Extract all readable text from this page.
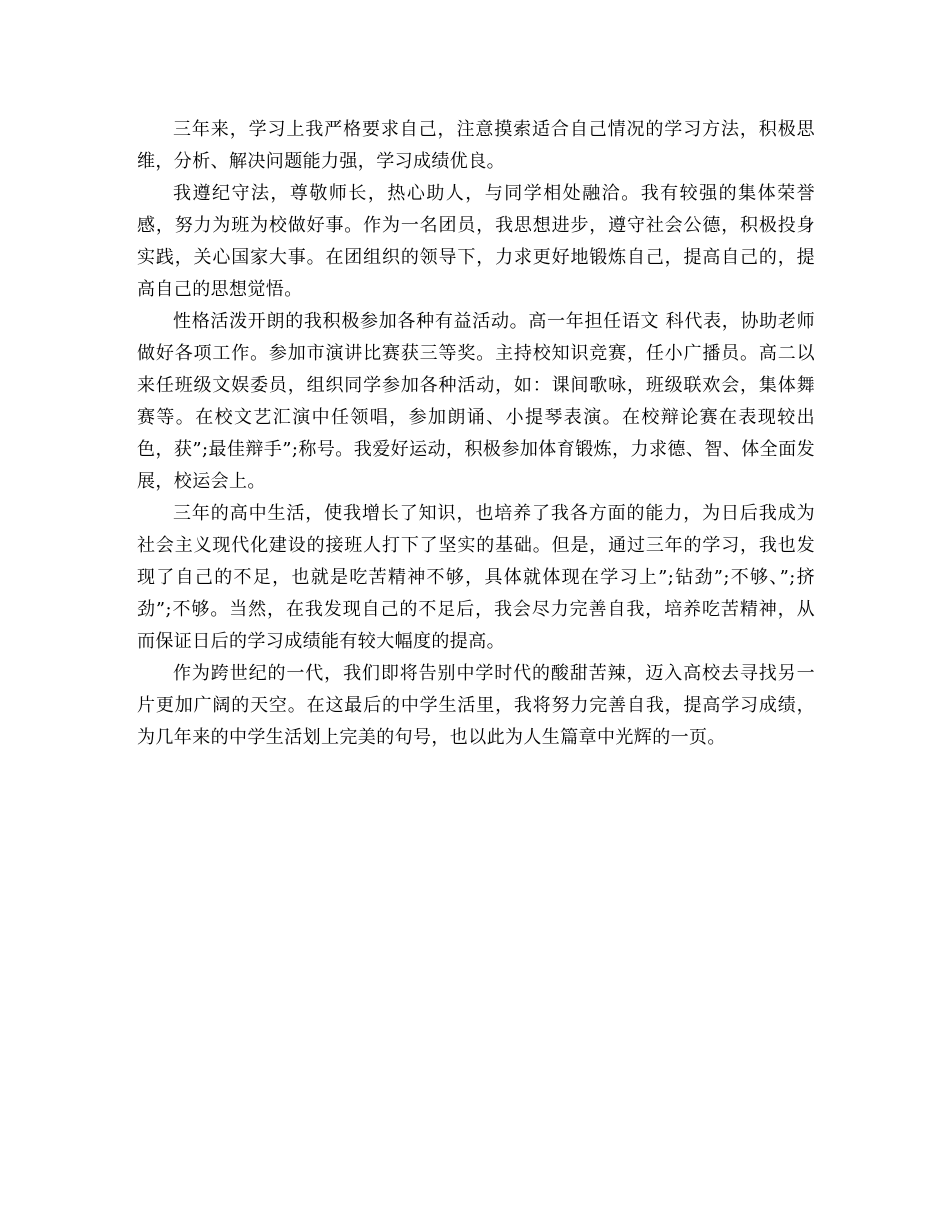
三年来，学习上我严格要求自己，注意摸索适合自己情况的学习方法，积极思维，分析、解决问题能力强，学习成绩优良。

我遵纪守法，尊敬师长，热心助人，与同学相处融洽。我有较强的集体荣誉感，努力为班为校做好事。作为一名团员，我思想进步，遵守社会公德，积极投身实践，关心国家大事。在团组织的领导下，力求更好地锻炼自己，提高自己的，提高自己的思想觉悟。

性格活泼开朗的我积极参加各种有益活动。高一年担任语文 科代表，协助老师做好各项工作。参加市演讲比赛获三等奖。主持校知识竞赛，任小广播员。高二以来任班级文娱委员，组织同学参加各种活动，如：课间歌咏，班级联欢会，集体舞赛等。在校文艺汇演中任领唱，参加朗诵、小提琴表演。在校辩论赛在表现较出色，获”;最佳辩手”;称号。我爱好运动，积极参加体育锻炼，力求德、智、体全面发展，校运会上。

三年的高中生活，使我增长了知识，也培养了我各方面的能力，为日后我成为社会主义现代化建设的接班人打下了坚实的基础。但是，通过三年的学习，我也发现了自己的不足，也就是吃苦精神不够，具体就体现在学习上”;钻劲”;不够、”;挤劲”;不够。当然，在我发现自己的不足后，我会尽力完善自我，培养吃苦精神，从而保证日后的学习成绩能有较大幅度的提高。

作为跨世纪的一代，我们即将告别中学时代的酸甜苦辣，迈入高校去寻找另一片更加广阔的天空。在这最后的中学生活里，我将努力完善自我，提高学习成绩，为几年来的中学生活划上完美的句号，也以此为人生篇章中光辉的一页。
